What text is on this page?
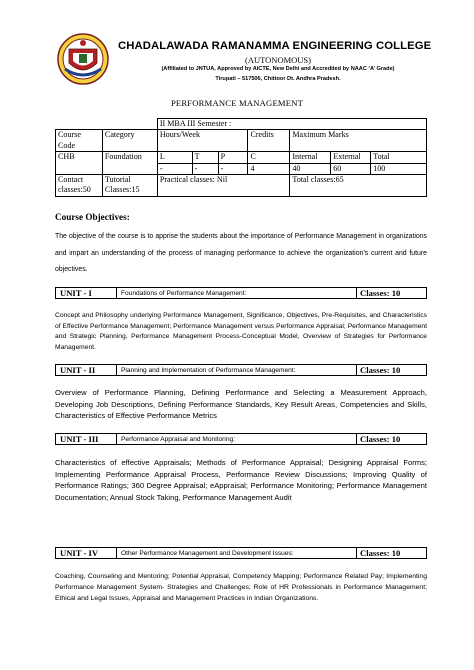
CHADALAWADA RAMANAMMA ENGINEERING COLLEGE
(AUTONOMOUS)
(Affiliated to JNTUA, Approved by AICTE, New Delhi and Accredited by NAAC ‘A’ Grade)
Tirupati – 517506, Chittoor Dt. Andhra Pradesh.
PERFORMANCE MANAGEMENT
		II MBA III Semester :						
Course Code	Category	Hours/Week			Credits	Maximum Marks		
CHB	Foundation	L	T	P	C	Internal	External	Total
		-	-	-	4	40	60	100
Contact classes:50	Tutorial Classes:15	Practical classes: Nil				Total classes:65		
Course Objectives:
The objective of the course is to apprise the students about the importance of Performance Management in organizations and impart an understanding of the process of managing performance to achieve the organization’s current and future objectives.
UNIT - I	Foundations of Performance Management:	Classes: 10
Concept and Philosophy underlying Performance Management, Significance, Objectives, Pre-Requisites, and Characteristics of Effective Performance Management; Performance Management versus Performance Appraisal; Performance Management and Strategic Planning, Performance Management Process-Conceptual Model, Overview of Strategies for Performance Management.
UNIT - II	Planning and Implementation of Performance Management:	Classes: 10
Overview of Performance Planning, Defining Performance and Selecting a Measurement Approach, Developing Job Descriptions, Defining Performance Standards, Key Result Areas, Competencies and Skills, Characteristics of Effective Performance Metrics
UNIT - III	Performance Appraisal and Monitoring:	Classes: 10
Characteristics of effective Appraisals; Methods of Performance Appraisal; Designing Appraisal Forms; Implementing Performance Appraisal Process, Performance Review Discussions; Improving Quality of Performance Ratings; 360 Degree Appraisal; eAppraisal; Performance Monitoring; Performance Management Documentation; Annual Stock Taking, Performance Management Audit
UNIT - IV	Other Performance Management and Development Issues:	Classes: 10
Coaching, Counseling and Mentoring; Potential Appraisal, Competency Mapping; Performance Related Pay; Implementing Performance Management System- Strategies and Challenges; Role of HR Professionals in Performance Management; Ethical and Legal Issues, Appraisal and Management Practices in Indian Organizations.
